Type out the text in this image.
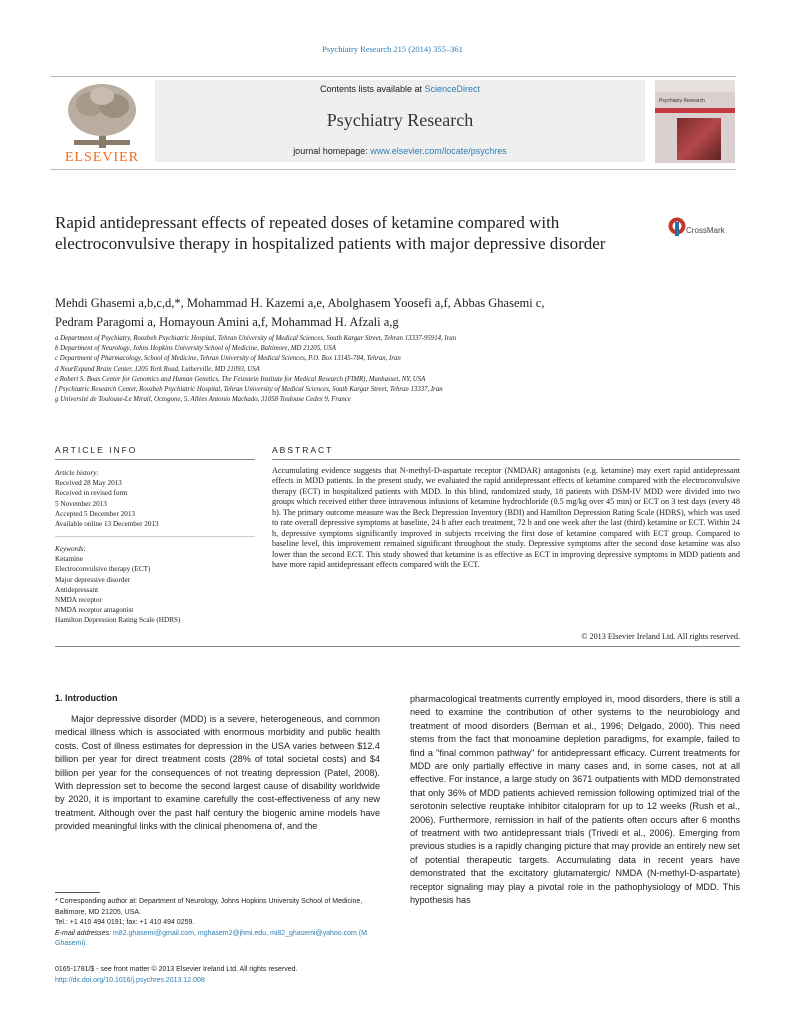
Psychiatry Research 215 (2014) 355–361
ELSEVIER
Contents lists available at ScienceDirect
Psychiatry Research
journal homepage: www.elsevier.com/locate/psychres
Psychiatry Research
Rapid antidepressant effects of repeated doses of ketamine compared with electroconvulsive therapy in hospitalized patients with major depressive disorder
CrossMark
Mehdi Ghasemi a,b,c,d,*, Mohammad H. Kazemi a,e, Abolghasem Yoosefi a,f, Abbas Ghasemi c,
Pedram Paragomi a, Homayoun Amini a,f, Mohammad H. Afzali a,g
a Department of Psychiatry, Roozbeh Psychiatric Hospital, Tehran University of Medical Sciences, South Kargar Street, Tehran 13337-95914, Iran
b Department of Neurology, Johns Hopkins University School of Medicine, Baltimore, MD 21205, USA
c Department of Pharmacology, School of Medicine, Tehran University of Medical Sciences, P.O. Box 13145-784, Tehran, Iran
d NeurExpand Brain Center, 1205 York Road, Lutherville, MD 21093, USA
e Robert S. Boas Center for Genomics and Human Genetics, The Feinstein Institute for Medical Research (FIMR), Manhasset, NY, USA
f Psychiatric Research Center, Roozbeh Psychiatric Hospital, Tehran University of Medical Sciences, South Kargar Street, Tehran 13337, Iran
g Université de Toulouse-Le Mirail, Octogone, 5, Allées Antonio Machado, 31058 Toulouse Cedex 9, France
ARTICLE INFO	ABSTRACT
Article history:
Received 28 May 2013
Received in revised form
5 November 2013
Accepted 5 December 2013
Available online 13 December 2013
Keywords:
Ketamine
Electroconvulsive therapy (ECT)
Major depressive disorder
Antidepressant
NMDA receptor
NMDA receptor antagonist
Hamilton Depression Rating Scale (HDRS)
Accumulating evidence suggests that N-methyl-D-aspartate receptor (NMDAR) antagonists (e.g. ketamine) may exert rapid antidepressant effects in MDD patients. In the present study, we evaluated the rapid antidepressant effects of ketamine compared with the electroconvulsive therapy (ECT) in hospitalized patients with MDD. In this blind, randomized study, 18 patients with DSM-IV MDD were divided into two groups which received either three intravenous infusions of ketamine hydrochloride (0.5 mg/kg over 45 min) or ECT on 3 test days (every 48 h). The primary outcome measure was the Beck Depression Inventory (BDI) and Hamilton Depression Rating Scale (HDRS), which was used to rate overall depressive symptoms at baseline, 24 h after each treatment, 72 h and one week after the last (third) ketamine or ECT. Within 24 h, depressive symptoms significantly improved in subjects receiving the first dose of ketamine compared with ECT group. Compared to baseline level, this improvement remained significant throughout the study. Depressive symptoms after the second dose ketamine was also lower than the second ECT. This study showed that ketamine is as effective as ECT in improving depressive symptoms in MDD patients and have more rapid antidepressant effects compared with the ECT.
© 2013 Elsevier Ireland Ltd. All rights reserved.
1. Introduction

Major depressive disorder (MDD) is a severe, heterogeneous, and common medical illness which is associated with enormous morbidity and public health costs. Cost of illness estimates for depression in the USA varies between $12.4 billion per year for direct treatment costs (28% of total societal costs) and $4 billion per year for the consequences of not treating depression (Patel, 2008). With depression set to become the second largest cause of disability worldwide by 2020, it is important to examine carefully the cost-effectiveness of any new treatment. Although over the past half century the biogenic amine models have provided meaningful links with the clinical phenomena of, and the

pharmacological treatments currently employed in, mood disorders, there is still a need to examine the contribution of other systems to the neurobiology and treatment of mood disorders (Berman et al., 1996; Delgado, 2000). This need stems from the fact that monoamine depletion paradigms, for example, failed to find a "final common pathway" for antidepressant efficacy. Current treatments for MDD are only partially effective in many cases and, in some cases, not at all effective. For instance, a large study on 3671 outpatients with MDD demonstrated that only 36% of MDD patients achieved remission following optimized trial of the serotonin selective reuptake inhibitor citalopram for up to 12 weeks (Rush et al., 2006). Furthermore, remission in half of the patients often occurs after 6 months of treatment with two antidepressant trials (Trivedi et al., 2006). Emerging from previous studies is a rapidly changing picture that may provide an entirely new set of potential therapeutic targets. Accumulating data in recent years have demonstrated that the excitatory glutamatergic/ NMDA (N-methyl-D-aspartate) receptor signaling may play a pivotal role in the pathophysiology of MDD. This hypothesis has

* Corresponding author at: Department of Neurology, Johns Hopkins University School of Medicine, Baltimore, MD 21205, USA.
Tel.: +1 410 494 0191; fax: +1 410 494 0259.
E-mail addresses: m82.ghasemi@gmail.com, mghasem2@jhmi.edu, mi82_ghasemi@yahoo.com (M. Ghasemi).
0165-1781/$ - see front matter © 2013 Elsevier Ireland Ltd. All rights reserved.
http://dx.doi.org/10.1016/j.psychres.2013.12.008
